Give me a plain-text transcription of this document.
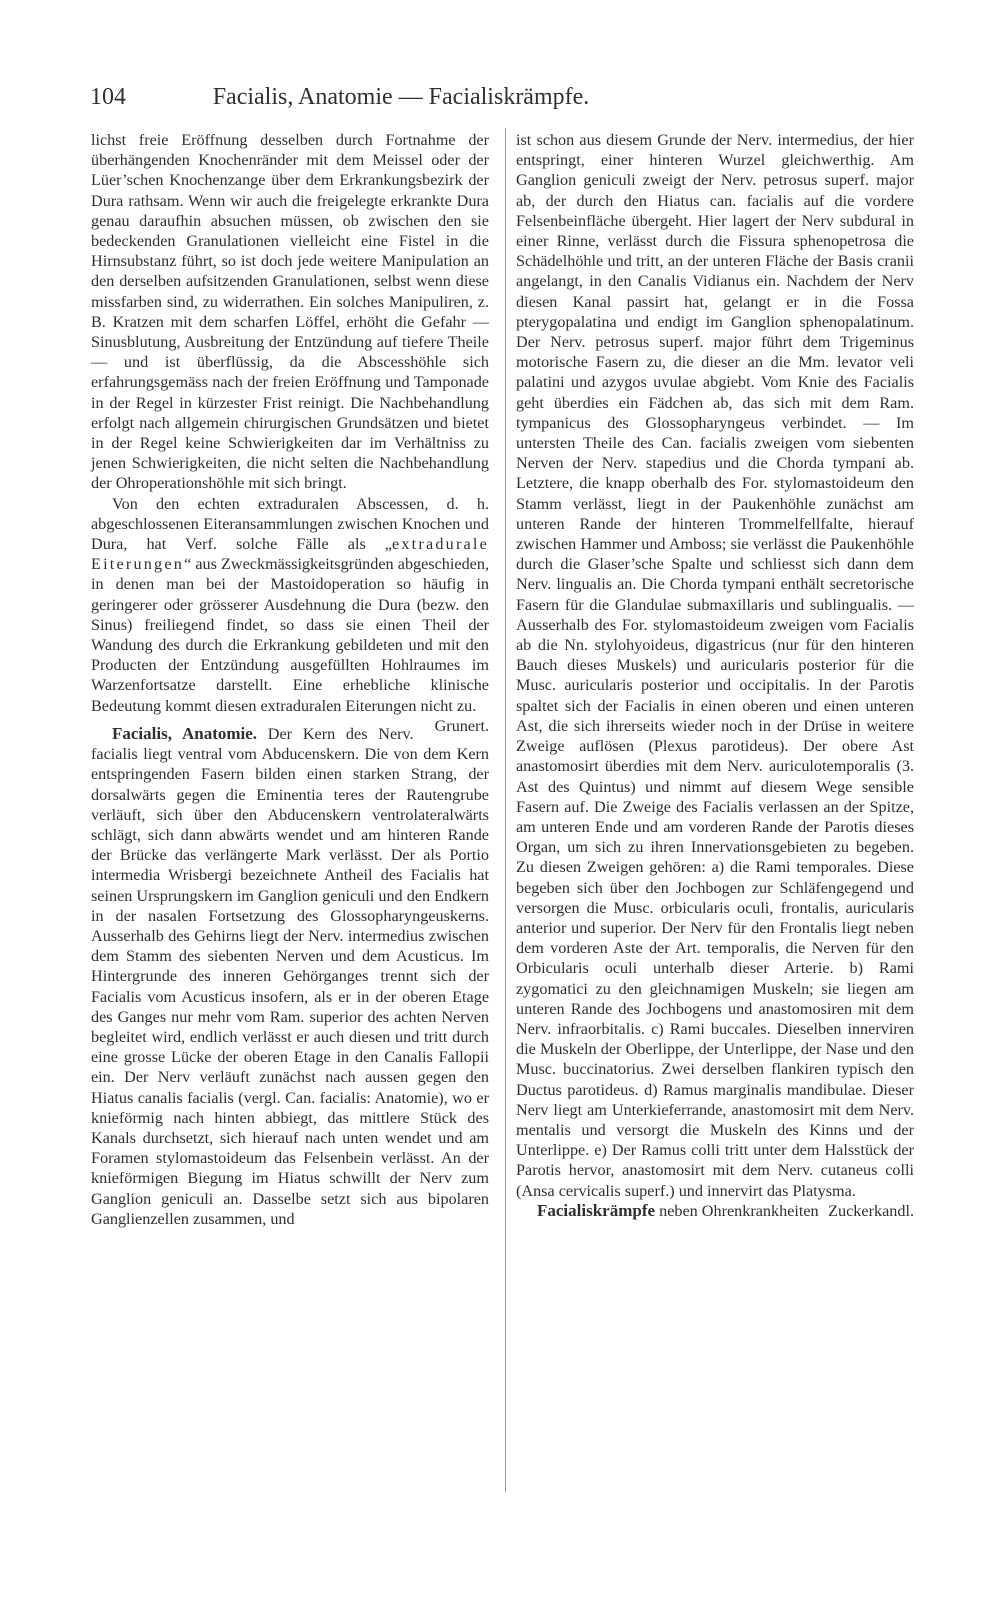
104	Facialis, Anatomie — Facialiskrämpfe.

lichst freie Eröffnung desselben durch Fortnahme der überhängenden Knochenränder mit dem Meissel oder der Lüer’schen Knochenzange über dem Erkrankungsbezirk der Dura rathsam. Wenn wir auch die freigelegte erkrankte Dura genau daraufhin absuchen müssen, ob zwischen den sie bedeckenden Granulationen vielleicht eine Fistel in die Hirnsubstanz führt, so ist doch jede weitere Manipulation an den derselben aufsitzenden Granulationen, selbst wenn diese missfarben sind, zu widerrathen. Ein solches Manipuliren, z. B. Kratzen mit dem scharfen Löffel, erhöht die Gefahr — Sinusblutung, Ausbreitung der Entzündung auf tiefere Theile — und ist überflüssig, da die Abscesshöhle sich erfahrungsgemäss nach der freien Eröffnung und Tamponade in der Regel in kürzester Frist reinigt. Die Nachbehandlung erfolgt nach allgemein chirurgischen Grundsätzen und bietet in der Regel keine Schwierigkeiten dar im Verhältniss zu jenen Schwierigkeiten, die nicht selten die Nachbehandlung der Ohroperationshöhle mit sich bringt.

Von den echten extraduralen Abscessen, d. h. abgeschlossenen Eiteransammlungen zwischen Knochen und Dura, hat Verf. solche Fälle als „extradurale Eiterungen“ aus Zweckmässigkeitsgründen abgeschieden, in denen man bei der Mastoidoperation so häufig in geringerer oder grösserer Ausdehnung die Dura (bezw. den Sinus) freiliegend findet, so dass sie einen Theil der Wandung des durch die Erkrankung gebildeten und mit den Producten der Entzündung ausgefüllten Hohlraumes im Warzenfortsatze darstellt. Eine erhebliche klinische Bedeutung kommt diesen extraduralen Eiterungen nicht zu.
Grunert.

Facialis, Anatomie. Der Kern des Nerv. facialis liegt ventral vom Abducenskern. Die von dem Kern entspringenden Fasern bilden einen starken Strang, der dorsalwärts gegen die Eminentia teres der Rautengrube verläuft, sich über den Abducenskern ventrolateralwärts schlägt, sich dann abwärts wendet und am hinteren Rande der Brücke das verlängerte Mark verlässt. Der als Portio intermedia Wrisbergi bezeichnete Antheil des Facialis hat seinen Ursprungskern im Ganglion geniculi und den Endkern in der nasalen Fortsetzung des Glossopharyngeuskerns. Ausserhalb des Gehirns liegt der Nerv. intermedius zwischen dem Stamm des siebenten Nerven und dem Acusticus. Im Hintergrunde des inneren Gehörganges trennt sich der Facialis vom Acusticus insofern, als er in der oberen Etage des Ganges nur mehr vom Ram. superior des achten Nerven begleitet wird, endlich verlässt er auch diesen und tritt durch eine grosse Lücke der oberen Etage in den Canalis Fallopii ein. Der Nerv verläuft zunächst nach aussen gegen den Hiatus canalis facialis (vergl. Can. facialis: Anatomie), wo er knieförmig nach hinten abbiegt, das mittlere Stück des Kanals durchsetzt, sich hierauf nach unten wendet und am Foramen stylomastoideum das Felsenbein verlässt. An der knieförmigen Biegung im Hiatus schwillt der Nerv zum Ganglion geniculi an. Dasselbe setzt sich aus bipolaren Ganglienzellen zusammen, und

ist schon aus diesem Grunde der Nerv. intermedius, der hier entspringt, einer hinteren Wurzel gleichwerthig. Am Ganglion geniculi zweigt der Nerv. petrosus superf. major ab, der durch den Hiatus can. facialis auf die vordere Felsenbeinfläche übergeht. Hier lagert der Nerv subdural in einer Rinne, verlässt durch die Fissura sphenopetrosa die Schädelhöhle und tritt, an der unteren Fläche der Basis cranii angelangt, in den Canalis Vidianus ein. Nachdem der Nerv diesen Kanal passirt hat, gelangt er in die Fossa pterygopalatina und endigt im Ganglion sphenopalatinum. Der Nerv. petrosus superf. major führt dem Trigeminus motorische Fasern zu, die dieser an die Mm. levator veli palatini und azygos uvulae abgiebt. Vom Knie des Facialis geht überdies ein Fädchen ab, das sich mit dem Ram. tympanicus des Glossopharyngeus verbindet. — Im untersten Theile des Can. facialis zweigen vom siebenten Nerven der Nerv. stapedius und die Chorda tympani ab. Letztere, die knapp oberhalb des For. stylomastoideum den Stamm verlässt, liegt in der Paukenhöhle zunächst am unteren Rande der hinteren Trommelfellfalte, hierauf zwischen Hammer und Amboss; sie verlässt die Paukenhöhle durch die Glaser’sche Spalte und schliesst sich dann dem Nerv. lingualis an. Die Chorda tympani enthält secretorische Fasern für die Glandulae submaxillaris und sublingualis. — Ausserhalb des For. stylomastoideum zweigen vom Facialis ab die Nn. stylohyoideus, digastricus (nur für den hinteren Bauch dieses Muskels) und auricularis posterior für die Musc. auricularis posterior und occipitalis. In der Parotis spaltet sich der Facialis in einen oberen und einen unteren Ast, die sich ihrerseits wieder noch in der Drüse in weitere Zweige auflösen (Plexus parotideus). Der obere Ast anastomosirt überdies mit dem Nerv. auriculotemporalis (3. Ast des Quintus) und nimmt auf diesem Wege sensible Fasern auf. Die Zweige des Facialis verlassen an der Spitze, am unteren Ende und am vorderen Rande der Parotis dieses Organ, um sich zu ihren Innervationsgebieten zu begeben. Zu diesen Zweigen gehören: a) die Rami temporales. Diese begeben sich über den Jochbogen zur Schläfengegend und versorgen die Musc. orbicularis oculi, frontalis, auricularis anterior und superior. Der Nerv für den Frontalis liegt neben dem vorderen Aste der Art. temporalis, die Nerven für den Orbicularis oculi unterhalb dieser Arterie. b) Rami zygomatici zu den gleichnamigen Muskeln; sie liegen am unteren Rande des Jochbogens und anastomosiren mit dem Nerv. infraorbitalis. c) Rami buccales. Dieselben innerviren die Muskeln der Oberlippe, der Unterlippe, der Nase und den Musc. buccinatorius. Zwei derselben flankiren typisch den Ductus parotideus. d) Ramus marginalis mandibulae. Dieser Nerv liegt am Unterkieferrande, anastomosirt mit dem Nerv. mentalis und versorgt die Muskeln des Kinns und der Unterlippe. e) Der Ramus colli tritt unter dem Halsstück der Parotis hervor, anastomosirt mit dem Nerv. cutaneus colli (Ansa cervicalis superf.) und innervirt das Platysma.
Zuckerkandl.

Facialiskrämpfe neben Ohrenkrankheiten
